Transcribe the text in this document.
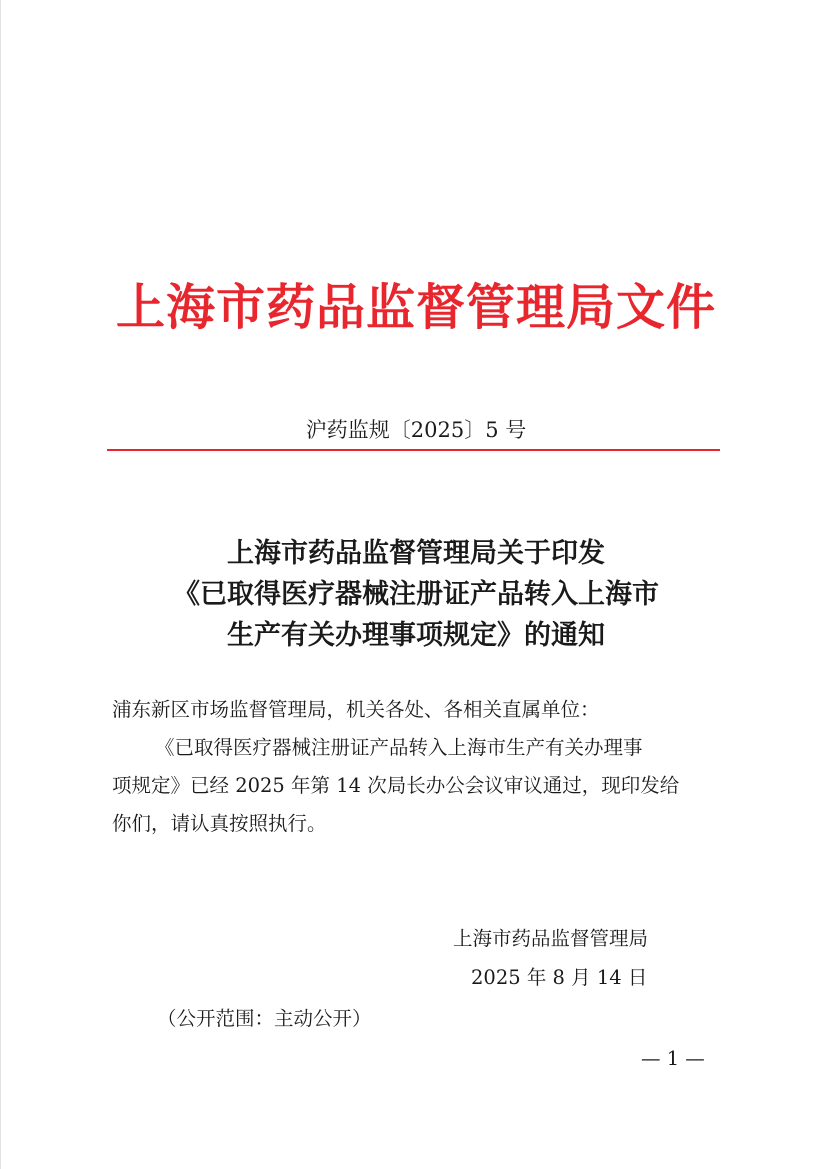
上海市药品监督管理局文件
沪药监规〔2025〕5 号
上海市药品监督管理局关于印发
《已取得医疗器械注册证产品转入上海市
生产有关办理事项规定》的通知
浦东新区市场监督管理局，机关各处、各相关直属单位：
《已取得医疗器械注册证产品转入上海市生产有关办理事
项规定》已经 2025 年第 14 次局长办公会议审议通过，现印发给
你们，请认真按照执行。
上海市药品监督管理局
2025 年 8 月 14 日
（公开范围：主动公开）
— 1 —
